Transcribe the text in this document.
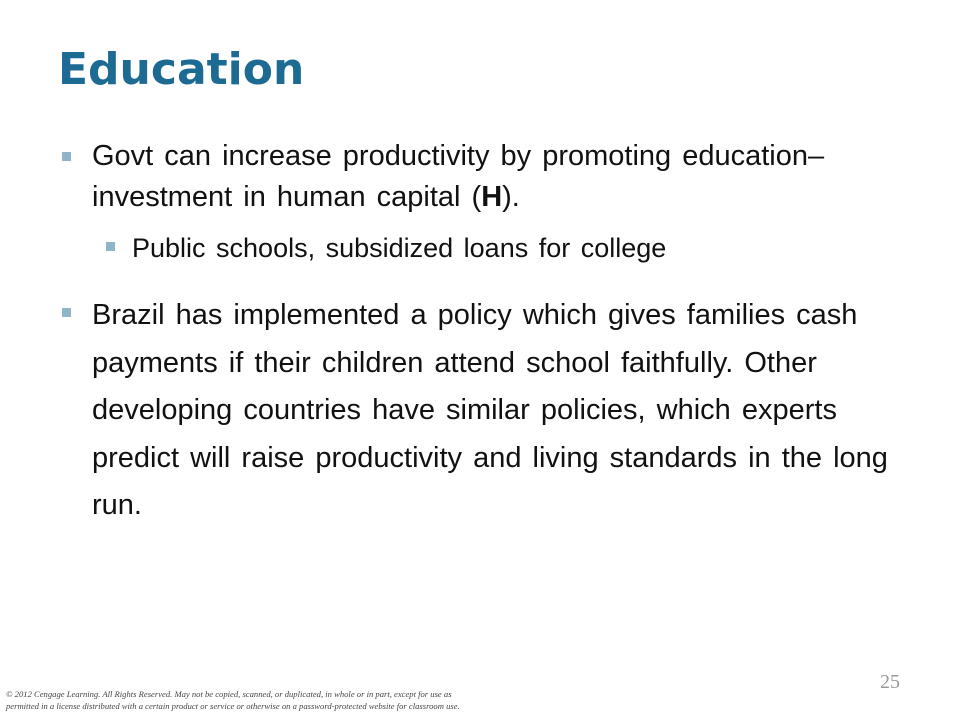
Education
Govt can increase productivity by promoting education–investment in human capital (H).
Public schools, subsidized loans for college
Brazil has implemented a policy which gives families cash payments if their children attend school faithfully. Other developing countries have similar policies, which experts predict will raise productivity and living standards in the long run.
25
© 2012 Cengage Learning. All Rights Reserved. May not be copied, scanned, or duplicated, in whole or in part, except for use as
permitted in a license distributed with a certain product or service or otherwise on a password-protected website for classroom use.
